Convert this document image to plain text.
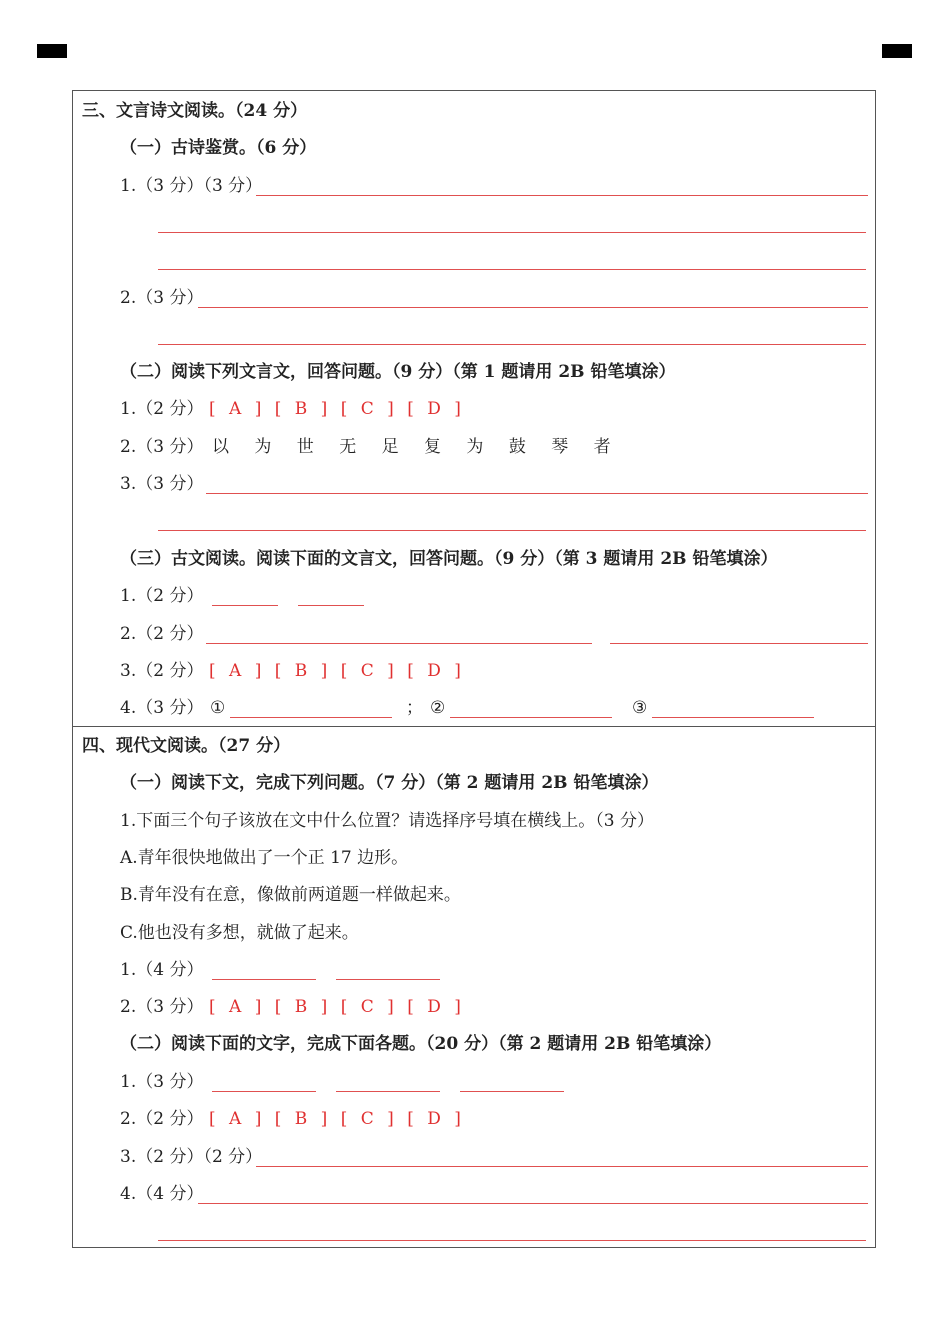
三、文言诗文阅读。（24 分）
（一）古诗鉴赏。（6 分）
1.（3 分）（3 分）
2.（3 分）
（二）阅读下列文言文，回答问题。（9 分）（第 1 题请用 2B 铅笔填涂）
1.（2 分） [ A ] [ B ] [ C ] [ D ]
2.（3 分） 以 为 世 无 足 复 为 鼓 琴 者
3.（3 分）
（三）古文阅读。阅读下面的文言文，回答问题。（9 分）（第 3 题请用 2B 铅笔填涂）
1.（2 分）
2.（2 分）
3.（2 分） [ A ] [ B ] [ C ] [ D ]
4.（3 分） ①	； ②	③
四、现代文阅读。（27 分）
（一）阅读下文，完成下列问题。（7 分）（第 2 题请用 2B 铅笔填涂）
1.下面三个句子该放在文中什么位置？请选择序号填在横线上。（3 分）
A.青年很快地做出了一个正 17 边形。
B.青年没有在意，像做前两道题一样做起来。
C.他也没有多想，就做了起来。
1.（4 分）
2.（3 分） [ A ] [ B ] [ C ] [ D ]
（二）阅读下面的文字，完成下面各题。（20 分）（第 2 题请用 2B 铅笔填涂）
1.（3 分）
2.（2 分） [ A ] [ B ] [ C ] [ D ]
3.（2 分）（2 分）
4.（4 分）
